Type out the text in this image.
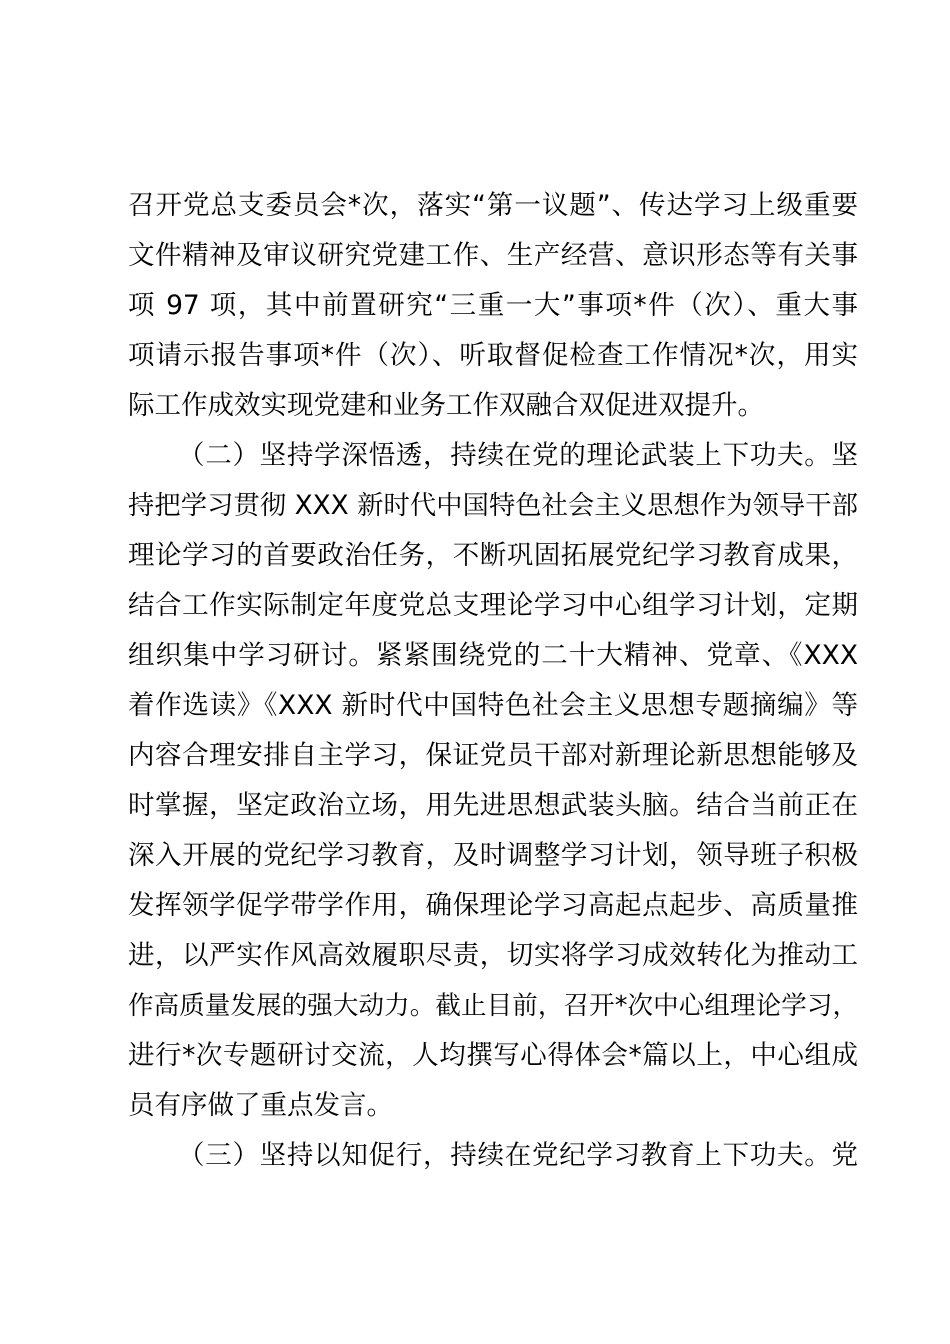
召开党总支委员会*次，落实“第一议题”、传达学习上级重要
文件精神及审议研究党建工作、生产经营、意识形态等有关事
项 97 项，其中前置研究“三重一大”事项*件（次）、重大事
项请示报告事项*件（次）、听取督促检查工作情况*次，用实
际工作成效实现党建和业务工作双融合双促进双提升。
（二）坚持学深悟透，持续在党的理论武装上下功夫。坚
持把学习贯彻 XXX 新时代中国特色社会主义思想作为领导干部
理论学习的首要政治任务，不断巩固拓展党纪学习教育成果，
结合工作实际制定年度党总支理论学习中心组学习计划，定期
组织集中学习研讨。紧紧围绕党的二十大精神、党章、《XXX
着作选读》《XXX 新时代中国特色社会主义思想专题摘编》等
内容合理安排自主学习，保证党员干部对新理论新思想能够及
时掌握，坚定政治立场，用先进思想武装头脑。结合当前正在
深入开展的党纪学习教育，及时调整学习计划，领导班子积极
发挥领学促学带学作用，确保理论学习高起点起步、高质量推
进，以严实作风高效履职尽责，切实将学习成效转化为推动工
作高质量发展的强大动力。截止目前，召开*次中心组理论学习，
进行*次专题研讨交流，人均撰写心得体会*篇以上，中心组成
员有序做了重点发言。
（三）坚持以知促行，持续在党纪学习教育上下功夫。党
